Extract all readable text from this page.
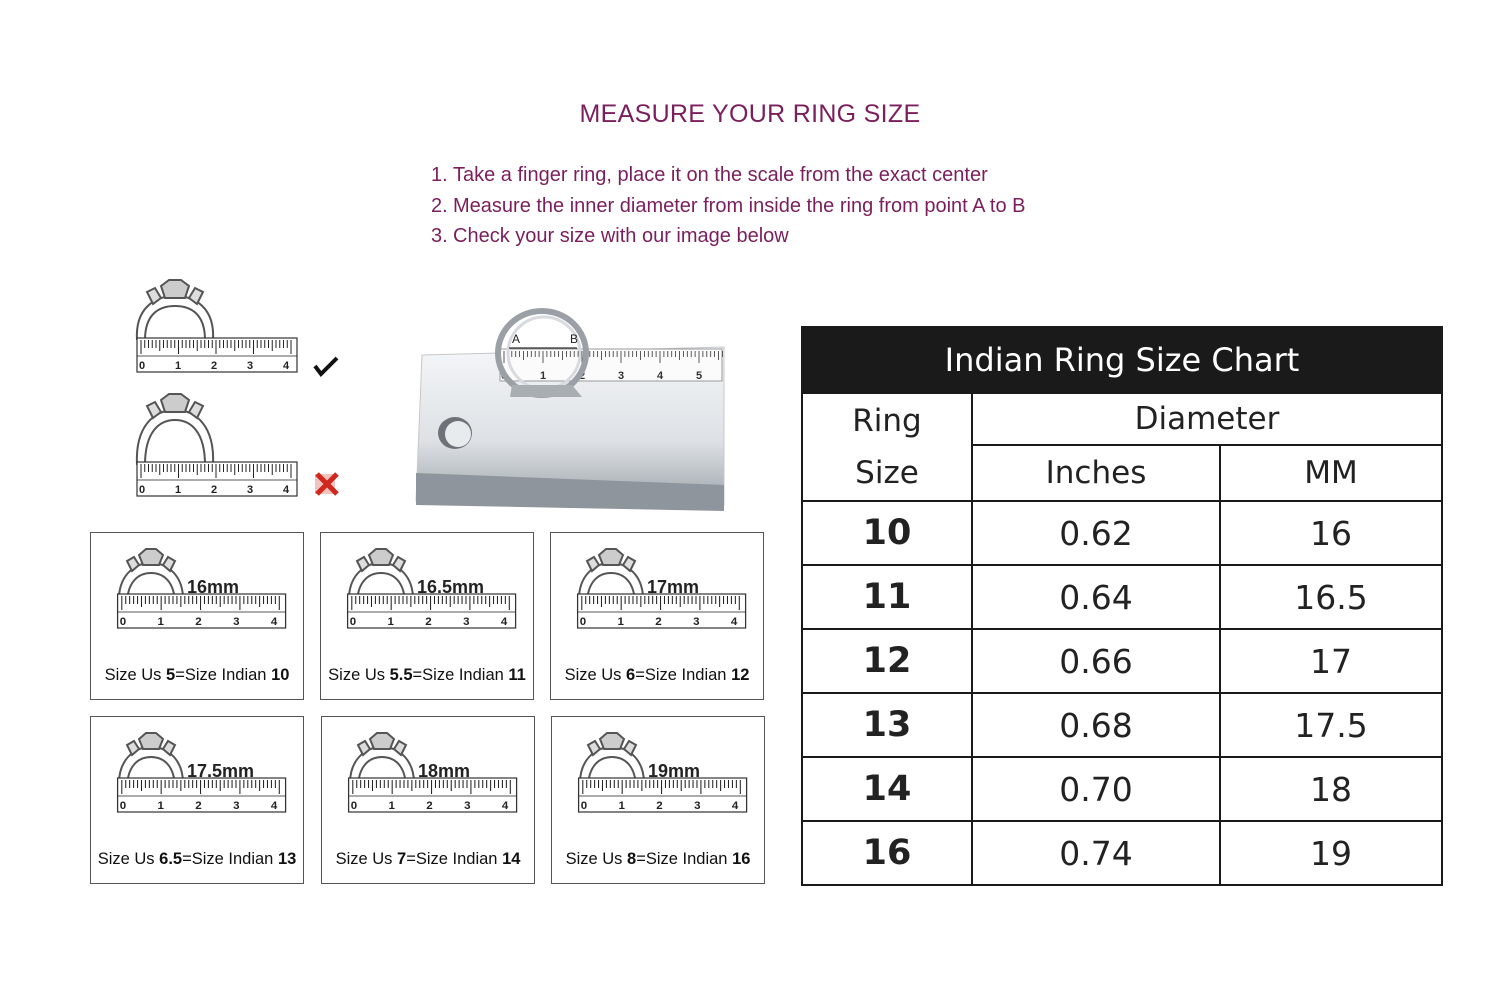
MEASURE YOUR RING SIZE
1. Take a finger ring, place it on the scale from the exact center
2. Measure the inner diameter from inside the ring from point A to B
3. Check your size with our image below
0	1	2	3	4
0	1	2	3	4
0	1	2	3	4	5
A	B
0	1	2	3	4
16mm
Size Us 5=Size Indian 10
0	1	2	3	4
16.5mm
Size Us 5.5=Size Indian 11
0	1	2	3	4
17mm
Size Us 6=Size Indian 12
0	1	2	3	4
17.5mm
Size Us 6.5=Size Indian 13
0	1	2	3	4
18mm
Size Us 7=Size Indian 14
0	1	2	3	4
19mm
Size Us 8=Size Indian 16
Indian Ring Size Chart		
Ring
Size	Diameter	
	Inches	MM
10	0.62	16
11	0.64	16.5
12	0.66	17
13	0.68	17.5
14	0.70	18
16	0.74	19
